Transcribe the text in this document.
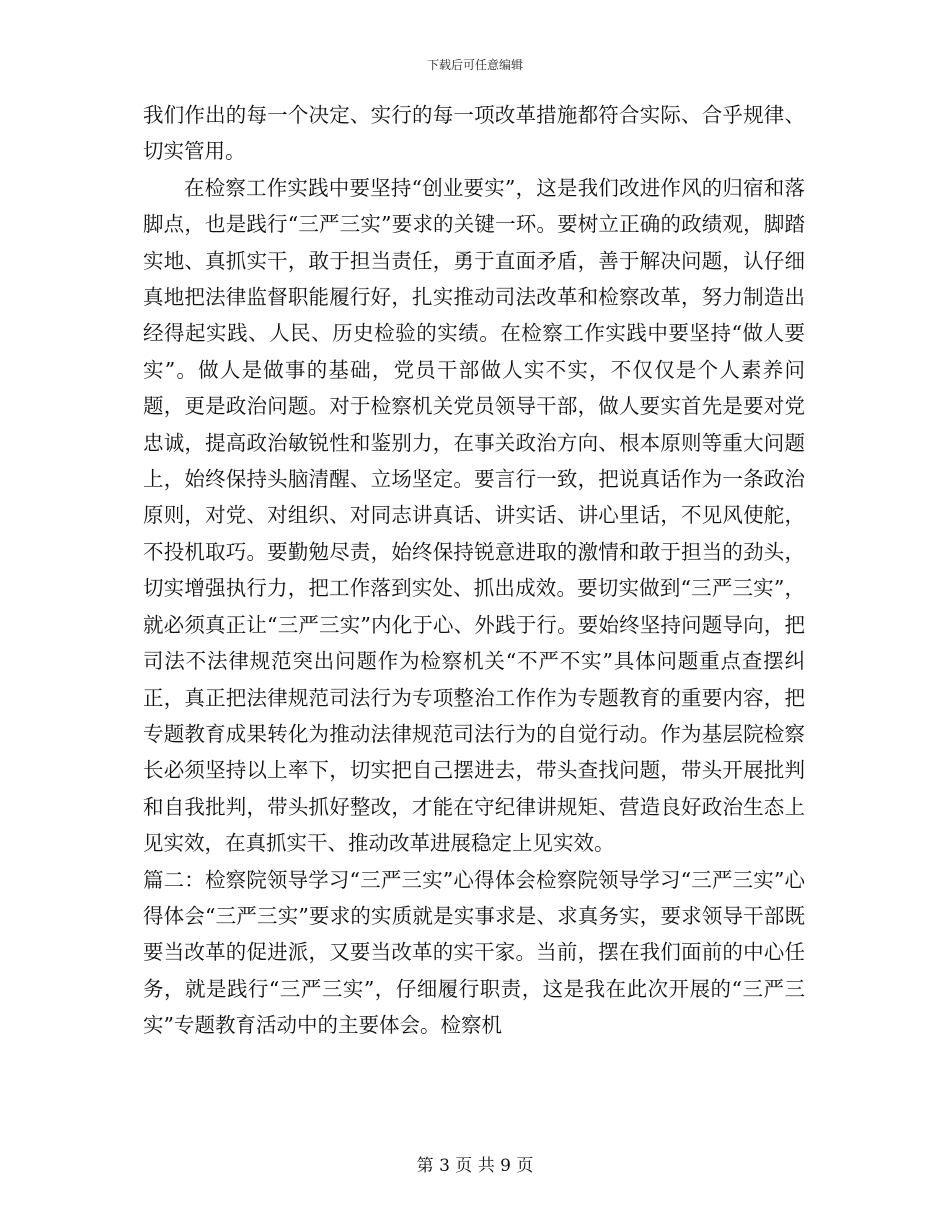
下载后可任意编辑

我们作出的每一个决定、实行的每一项改革措施都符合实际、合乎规律、切实管用。

在检察工作实践中要坚持“创业要实”，这是我们改进作风的归宿和落脚点，也是践行“三严三实”要求的关键一环。要树立正确的政绩观，脚踏实地、真抓实干，敢于担当责任，勇于直面矛盾，善于解决问题，认仔细真地把法律监督职能履行好，扎实推动司法改革和检察改革，努力制造出经得起实践、人民、历史检验的实绩。在检察工作实践中要坚持“做人要实”。做人是做事的基础，党员干部做人实不实，不仅仅是个人素养问题，更是政治问题。对于检察机关党员领导干部，做人要实首先是要对党忠诚，提高政治敏锐性和鉴别力，在事关政治方向、根本原则等重大问题上，始终保持头脑清醒、立场坚定。要言行一致，把说真话作为一条政治原则，对党、对组织、对同志讲真话、讲实话、讲心里话，不见风使舵，不投机取巧。要勤勉尽责，始终保持锐意进取的激情和敢于担当的劲头，切实增强执行力，把工作落到实处、抓出成效。要切实做到“三严三实”，就必须真正让“三严三实”内化于心、外践于行。要始终坚持问题导向，把司法不法律规范突出问题作为检察机关“不严不实”具体问题重点查摆纠正，真正把法律规范司法行为专项整治工作作为专题教育的重要内容，把专题教育成果转化为推动法律规范司法行为的自觉行动。作为基层院检察长必须坚持以上率下，切实把自己摆进去，带头查找问题，带头开展批判和自我批判，带头抓好整改，才能在守纪律讲规矩、营造良好政治生态上见实效，在真抓实干、推动改革进展稳定上见实效。

篇二：检察院领导学习“三严三实”心得体会检察院领导学习“三严三实”心得体会“三严三实”要求的实质就是实事求是、求真务实，要求领导干部既要当改革的促进派，又要当改革的实干家。当前，摆在我们面前的中心任务，就是践行“三严三实”，仔细履行职责，这是我在此次开展的“三严三实”专题教育活动中的主要体会。检察机

第 3 页 共 9 页
